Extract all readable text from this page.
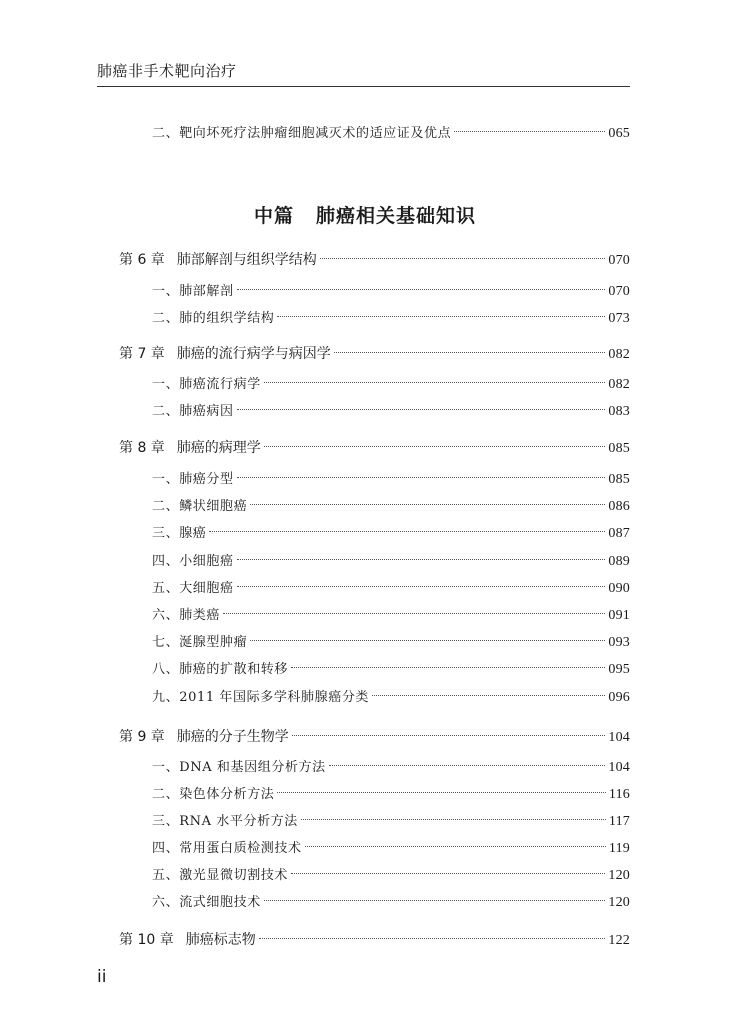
肺癌非手术靶向治疗
二、靶向坏死疗法肿瘤细胞减灭术的适应证及优点	065
中篇 肺癌相关基础知识
第 6 章 肺部解剖与组织学结构	070
一、肺部解剖	070
二、肺的组织学结构	073
第 7 章 肺癌的流行病学与病因学	082
一、肺癌流行病学	082
二、肺癌病因	083
第 8 章 肺癌的病理学	085
一、肺癌分型	085
二、鳞状细胞癌	086
三、腺癌	087
四、小细胞癌	089
五、大细胞癌	090
六、肺类癌	091
七、涎腺型肿瘤	093
八、肺癌的扩散和转移	095
九、2011 年国际多学科肺腺癌分类	096
第 9 章 肺癌的分子生物学	104
一、DNA 和基因组分析方法	104
二、染色体分析方法	116
三、RNA 水平分析方法	117
四、常用蛋白质检测技术	119
五、激光显微切割技术	120
六、流式细胞技术	120
第 10 章 肺癌标志物	122
ii
